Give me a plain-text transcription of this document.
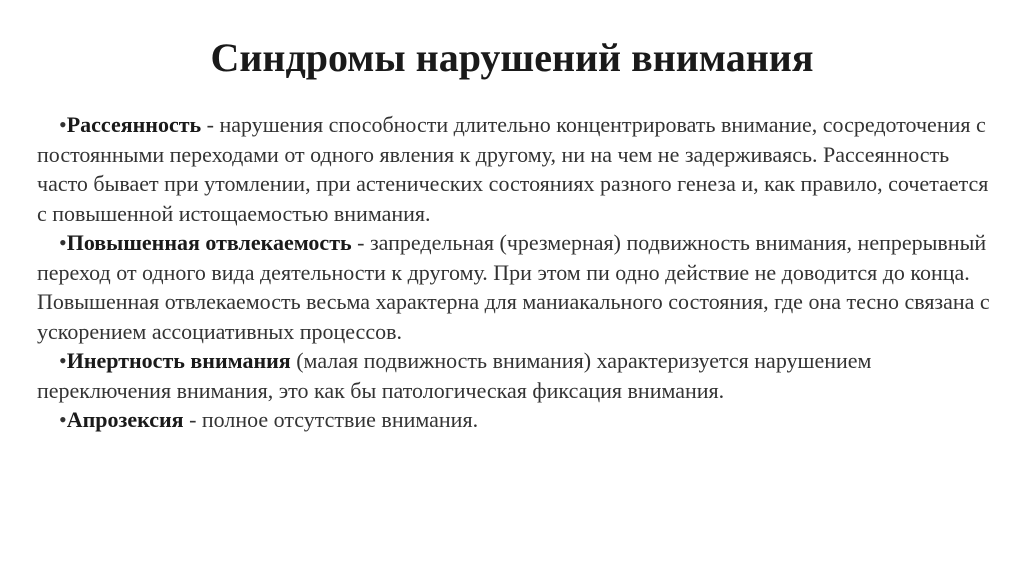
Синдромы нарушений внимания

•Рассеянность - нарушения способности длительно концентрировать внимание, сосредоточения с постоянными переходами от одного явления к другому, ни на чем не задерживаясь. Рассеянность часто бывает при утомлении, при астенических состояниях разного генеза и, как правило, сочетается с повышенной истощаемостью внимания.

•Повышенная отвлекаемость - запредельная (чрезмерная) подвижность внимания, непрерывный переход от одного вида деятельности к другому. При этом пи одно действие не доводится до конца. Повышенная отвлекаемость весьма характерна для маниакального состояния, где она тесно связана с ускорением ассоциативных процессов.

•Инертность внимания (малая подвижность внимания) характеризуется нарушением переключения внимания, это как бы патологическая фиксация внимания.

•Апрозексия - полное отсутствие внимания.
